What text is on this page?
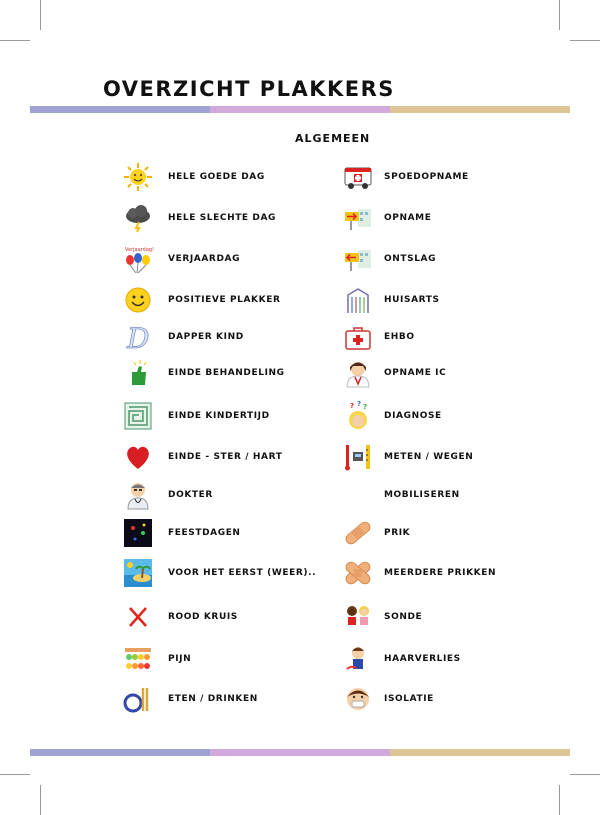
OVERZICHT PLAKKERS
ALGEMEEN
HELE GOEDE DAG
HELE SLECHTE DAG
Verjaardag!
VERJAARDAG
POSITIEVE PLAKKER
D DAPPER KIND
EINDE BEHANDELING
EINDE KINDERTIJD
EINDE - STER / HART
DOKTER
FEESTDAGEN
VOOR HET EERST (WEER)..
ROOD KRUIS
PIJN
ETEN / DRINKEN
SPOEDOPNAME
OPNAME
ONTSLAG
HUISARTS
EHBO
OPNAME IC
? ? ?
DIAGNOSE
METEN / WEGEN
MOBILISEREN
PRIK
MEERDERE PRIKKEN
SONDE
HAARVERLIES
ISOLATIE
